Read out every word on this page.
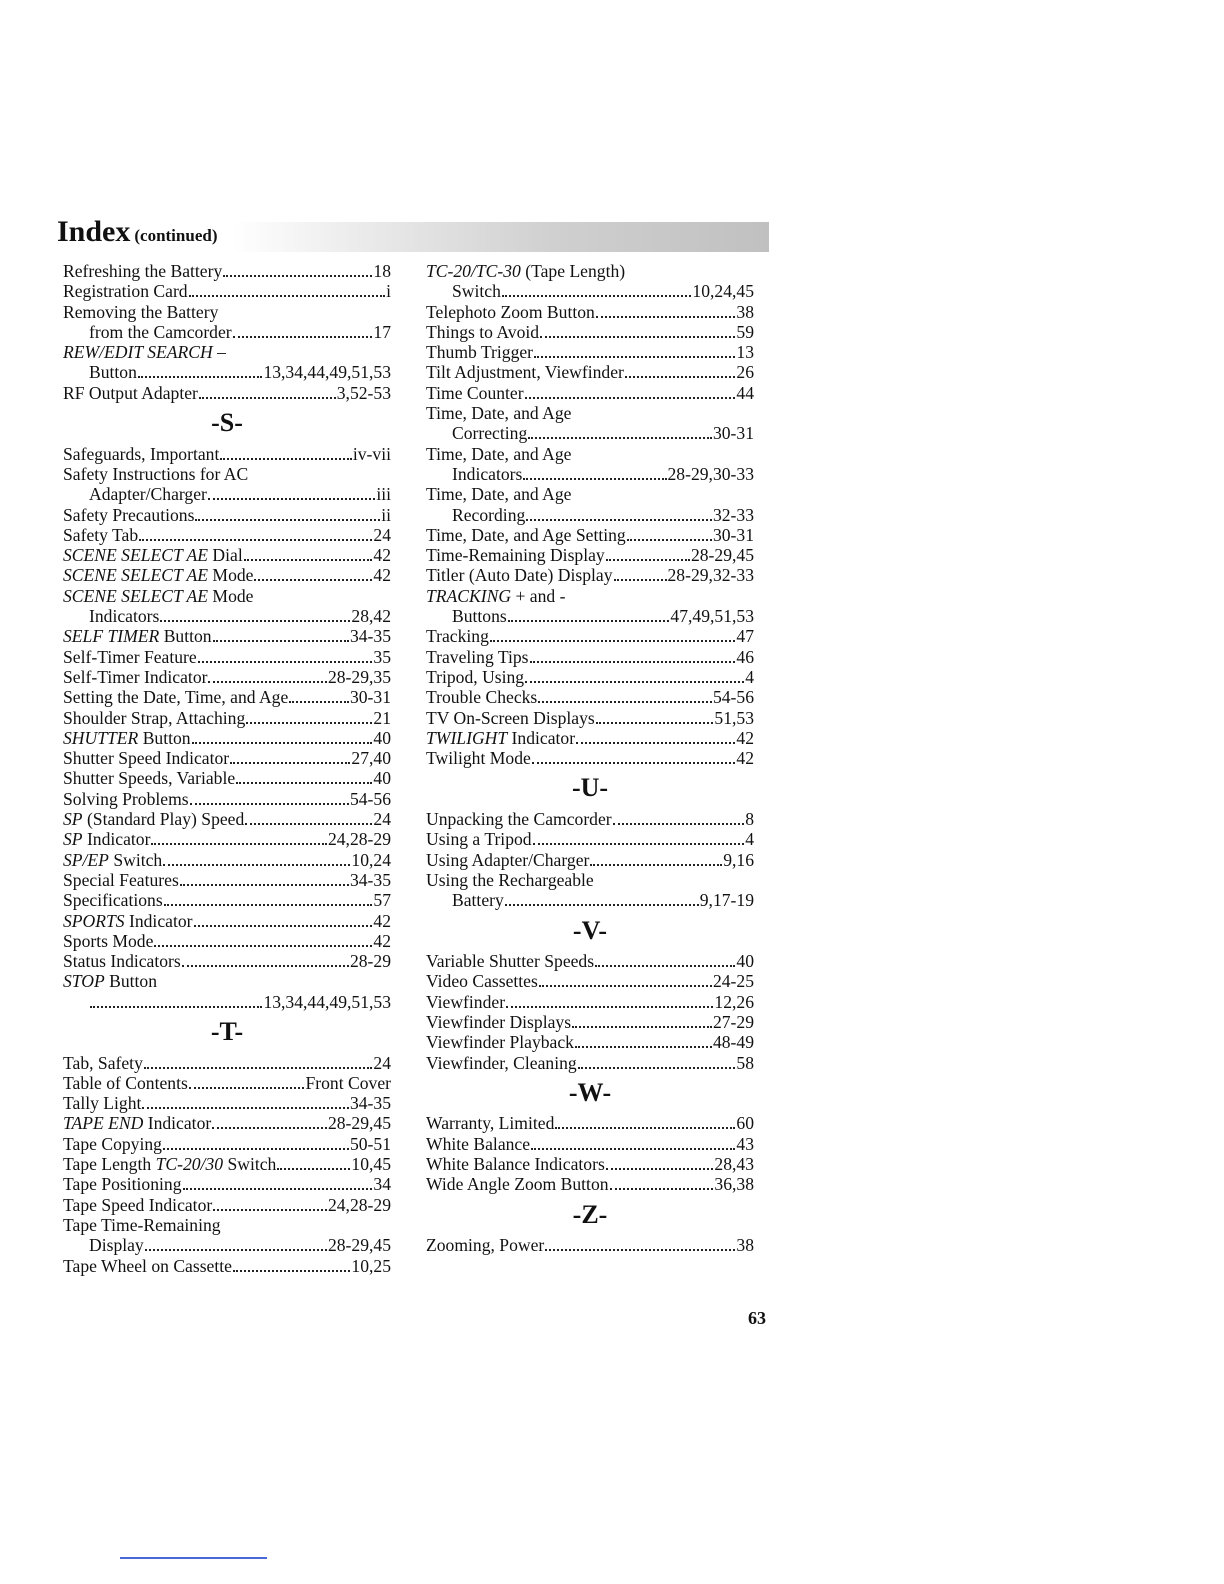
Index (continued)
Refreshing the Battery	18
Registration Card	i
Removing the Battery
from the Camcorder	17
REW/EDIT SEARCH –
Button	13,34,44,49,51,53
RF Output Adapter	3,52-53
-S-
Safeguards, Important	iv-vii
Safety Instructions for AC
Adapter/Charger	iii
Safety Precautions	ii
Safety Tab	24
SCENE SELECT AE Dial	42
SCENE SELECT AE Mode	42
SCENE SELECT AE Mode
Indicators	28,42
SELF TIMER Button	34-35
Self-Timer Feature	35
Self-Timer Indicator	28-29,35
Setting the Date, Time, and Age	30-31
Shoulder Strap, Attaching	21
SHUTTER Button	40
Shutter Speed Indicator	27,40
Shutter Speeds, Variable	40
Solving Problems	54-56
SP (Standard Play) Speed	24
SP Indicator	24,28-29
SP/EP Switch	10,24
Special Features	34-35
Specifications	57
SPORTS Indicator	42
Sports Mode	42
Status Indicators	28-29
STOP Button
13,34,44,49,51,53
-T-
Tab, Safety	24
Table of Contents	Front Cover
Tally Light	34-35
TAPE END Indicator	28-29,45
Tape Copying	50-51
Tape Length TC-20/30 Switch	10,45
Tape Positioning	34
Tape Speed Indicator	24,28-29
Tape Time-Remaining
Display	28-29,45
Tape Wheel on Cassette	10,25
TC-20/TC-30 (Tape Length)
Switch	10,24,45
Telephoto Zoom Button	38
Things to Avoid	59
Thumb Trigger	13
Tilt Adjustment, Viewfinder	26
Time Counter	44
Time, Date, and Age
Correcting	30-31
Time, Date, and Age
Indicators	28-29,30-33
Time, Date, and Age
Recording	32-33
Time, Date, and Age Setting	30-31
Time-Remaining Display	28-29,45
Titler (Auto Date) Display	28-29,32-33
TRACKING + and -
Buttons	47,49,51,53
Tracking	47
Traveling Tips	46
Tripod, Using	4
Trouble Checks	54-56
TV On-Screen Displays	51,53
TWILIGHT Indicator	42
Twilight Mode	42
-U-
Unpacking the Camcorder	8
Using a Tripod	4
Using Adapter/Charger	9,16
Using the Rechargeable
Battery	9,17-19
-V-
Variable Shutter Speeds	40
Video Cassettes	24-25
Viewfinder	12,26
Viewfinder Displays	27-29
Viewfinder Playback	48-49
Viewfinder, Cleaning	58
-W-
Warranty, Limited	60
White Balance	43
White Balance Indicators	28,43
Wide Angle Zoom Button	36,38
-Z-
Zooming, Power	38
63
